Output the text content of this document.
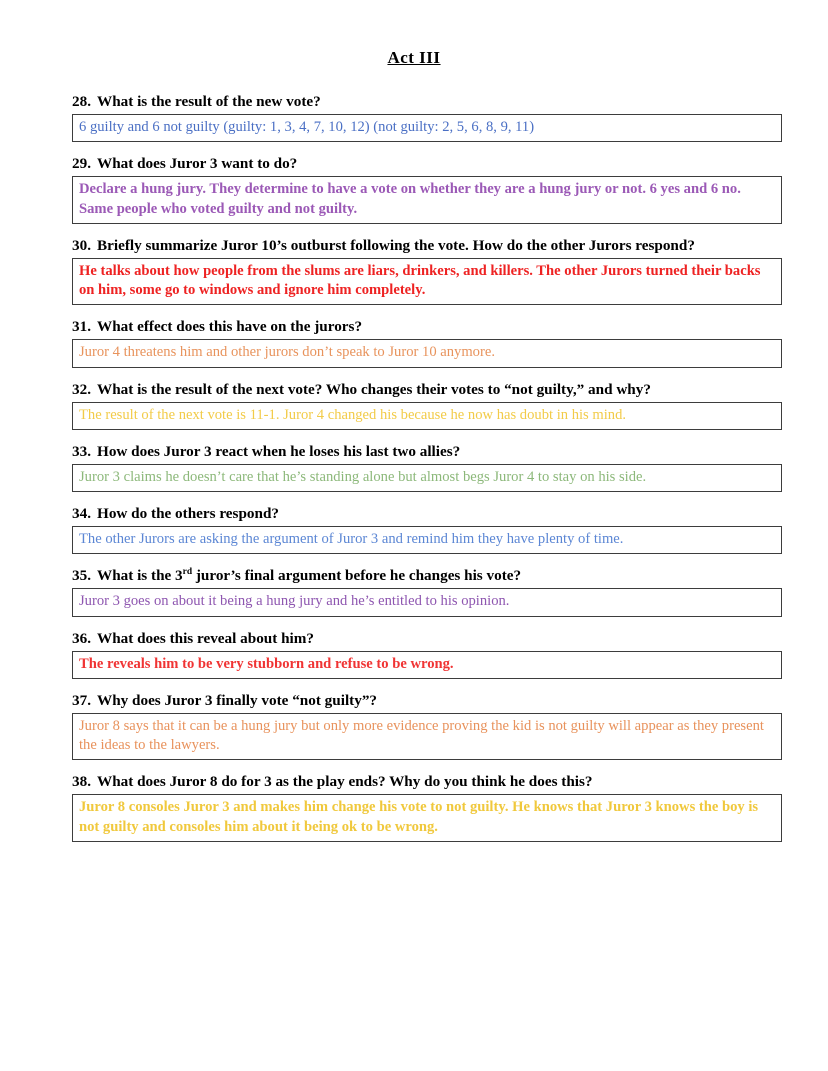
Act III
28. What is the result of the new vote?
6 guilty and 6 not guilty (guilty: 1, 3, 4, 7, 10, 12) (not guilty: 2, 5, 6, 8, 9, 11)
29. What does Juror 3 want to do?
Declare a hung jury. They determine to have a vote on whether they are a hung jury or not. 6 yes and 6 no. Same people who voted guilty and not guilty.
30. Briefly summarize Juror 10’s outburst following the vote. How do the other Jurors respond?
He talks about how people from the slums are liars, drinkers, and killers. The other Jurors turned their backs on him, some go to windows and ignore him completely.
31. What effect does this have on the jurors?
Juror 4 threatens him and other jurors don’t speak to Juror 10 anymore.
32. What is the result of the next vote? Who changes their votes to “not guilty,” and why?
The result of the next vote is 11-1. Juror 4 changed his because he now has doubt in his mind.
33. How does Juror 3 react when he loses his last two allies?
Juror 3 claims he doesn’t care that he’s standing alone but almost begs Juror 4 to stay on his side.
34. How do the others respond?
The other Jurors are asking the argument of Juror 3 and remind him they have plenty of time.
35. What is the 3rd juror’s final argument before he changes his vote?
Juror 3 goes on about it being a hung jury and he’s entitled to his opinion.
36. What does this reveal about him?
The reveals him to be very stubborn and refuse to be wrong.
37. Why does Juror 3 finally vote “not guilty”?
Juror 8 says that it can be a hung jury but only more evidence proving the kid is not guilty will appear as they present the ideas to the lawyers.
38. What does Juror 8 do for 3 as the play ends? Why do you think he does this?
Juror 8 consoles Juror 3 and makes him change his vote to not guilty. He knows that Juror 3 knows the boy is not guilty and consoles him about it being ok to be wrong.
